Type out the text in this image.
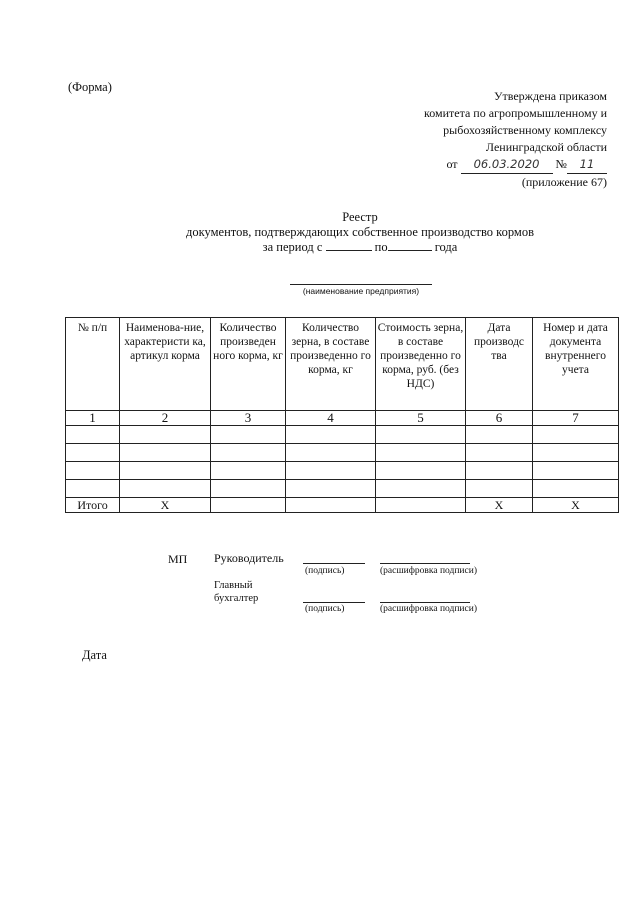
(Форма)
Утверждена приказом
комитета по агропромышленному и
рыбохозяйственному комплексу
Ленинградской области
от 06.03.2020 № 11
(приложение 67)
Реестр
документов, подтверждающих собственное производство кормов
за период с	по	года
(наименование предприятия)
№ п/п	Наименова-ние, характеристи ка, артикул корма	Количество произведен ного корма, кг	Количество зерна, в составе произведенно го корма, кг	Стоимость зерна, в составе произведенно го корма, руб. (без НДС)	Дата производс тва	Номер и дата документа внутреннего учета
1	2	3	4	5	6	7

Итого	Х				Х	Х
МП Руководитель
(подпись)	(расшифровка подписи)
Главный
бухгалтер
(подпись)	(расшифровка подписи)
Дата
